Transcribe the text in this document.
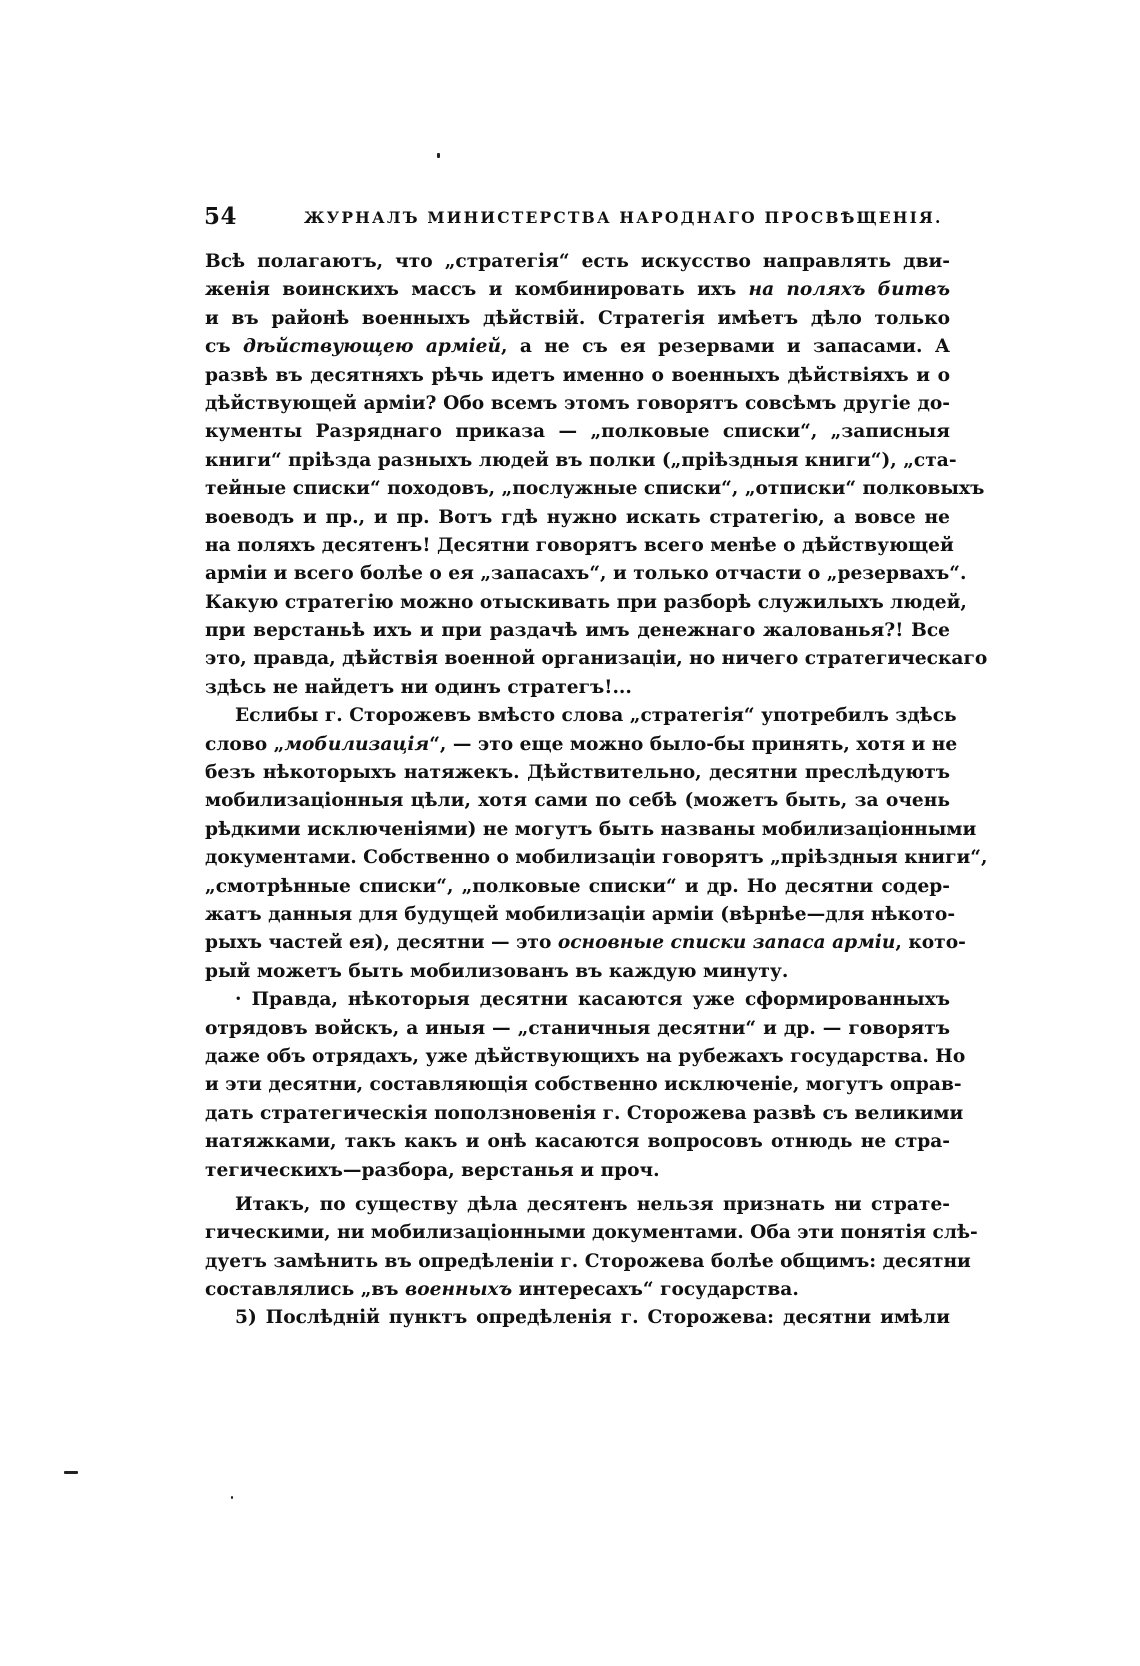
54	ЖУРНАЛЪ МИНИСТЕРСТВА НАРОДНАГО ПРОСВѢЩЕНІЯ.
Всѣ полагаютъ, что „стратегія“ есть искусство направлять дви-
женія воинскихъ массъ и комбинировать ихъ на поляхъ битвъ
и въ районѣ военныхъ дѣйствій. Стратегія имѣетъ дѣло только
съ дѣйствующею арміей, а не съ ея резервами и запасами. А
развѣ въ десятняхъ рѣчь идетъ именно о военныхъ дѣйствіяхъ и о
дѣйствующей арміи? Обо всемъ этомъ говорятъ совсѣмъ другіе до-
кументы Разряднаго приказа — „полковые списки“, „записныя
книги“ пріѣзда разныхъ людей въ полки („пріѣздныя книги“), „ста-
тейные списки“ походовъ, „послужные списки“, „отписки“ полковыхъ
воеводъ и пр., и пр. Вотъ гдѣ нужно искать стратегію, а вовсе не
на поляхъ десятенъ! Десятни говорятъ всего менѣе о дѣйствующей
арміи и всего болѣе о ея „запасахъ“, и только отчасти о „резервахъ“.
Какую стратегію можно отыскивать при разборѣ служилыхъ людей,
при верстаньѣ ихъ и при раздачѣ имъ денежнаго жалованья?! Все
это, правда, дѣйствія военной организаціи, но ничего стратегическаго
здѣсь не найдетъ ни одинъ стратегъ!...
Еслибы г. Сторожевъ вмѣсто слова „стратегія“ употребилъ здѣсь
слово „мобилизація“, — это еще можно было-бы принять, хотя и не
безъ нѣкоторыхъ натяжекъ. Дѣйствительно, десятни преслѣдуютъ
мобилизаціонныя цѣли, хотя сами по себѣ (можетъ быть, за очень
рѣдкими исключеніями) не могутъ быть названы мобилизаціонными
документами. Собственно о мобилизаціи говорятъ „пріѣздныя книги“,
„смотрѣнные списки“, „полковые списки“ и др. Но десятни содер-
жатъ данныя для будущей мобилизаціи арміи (вѣрнѣе—для нѣкото-
рыхъ частей ея), десятни — это основные списки запаса арміи, кото-
рый можетъ быть мобилизованъ въ каждую минуту.
· Правда, нѣкоторыя десятни касаются уже сформированныхъ
отрядовъ войскъ, а иныя — „станичныя десятни“ и др. — говорятъ
даже объ отрядахъ, уже дѣйствующихъ на рубежахъ государства. Но
и эти десятни, составляющія собственно исключеніе, могутъ оправ-
дать стратегическія поползновенія г. Сторожева развѣ съ великими
натяжками, такъ какъ и онѣ касаются вопросовъ отнюдь не стра-
тегическихъ—разбора, верстанья и проч.
Итакъ, по существу дѣла десятенъ нельзя признать ни страте-
гическими, ни мобилизаціонными документами. Оба эти понятія слѣ-
дуетъ замѣнить въ опредѣленіи г. Сторожева болѣе общимъ: десятни
составлялись „въ военныхъ интересахъ“ государства.
5) Послѣдній пунктъ опредѣленія г. Сторожева: десятни имѣли
